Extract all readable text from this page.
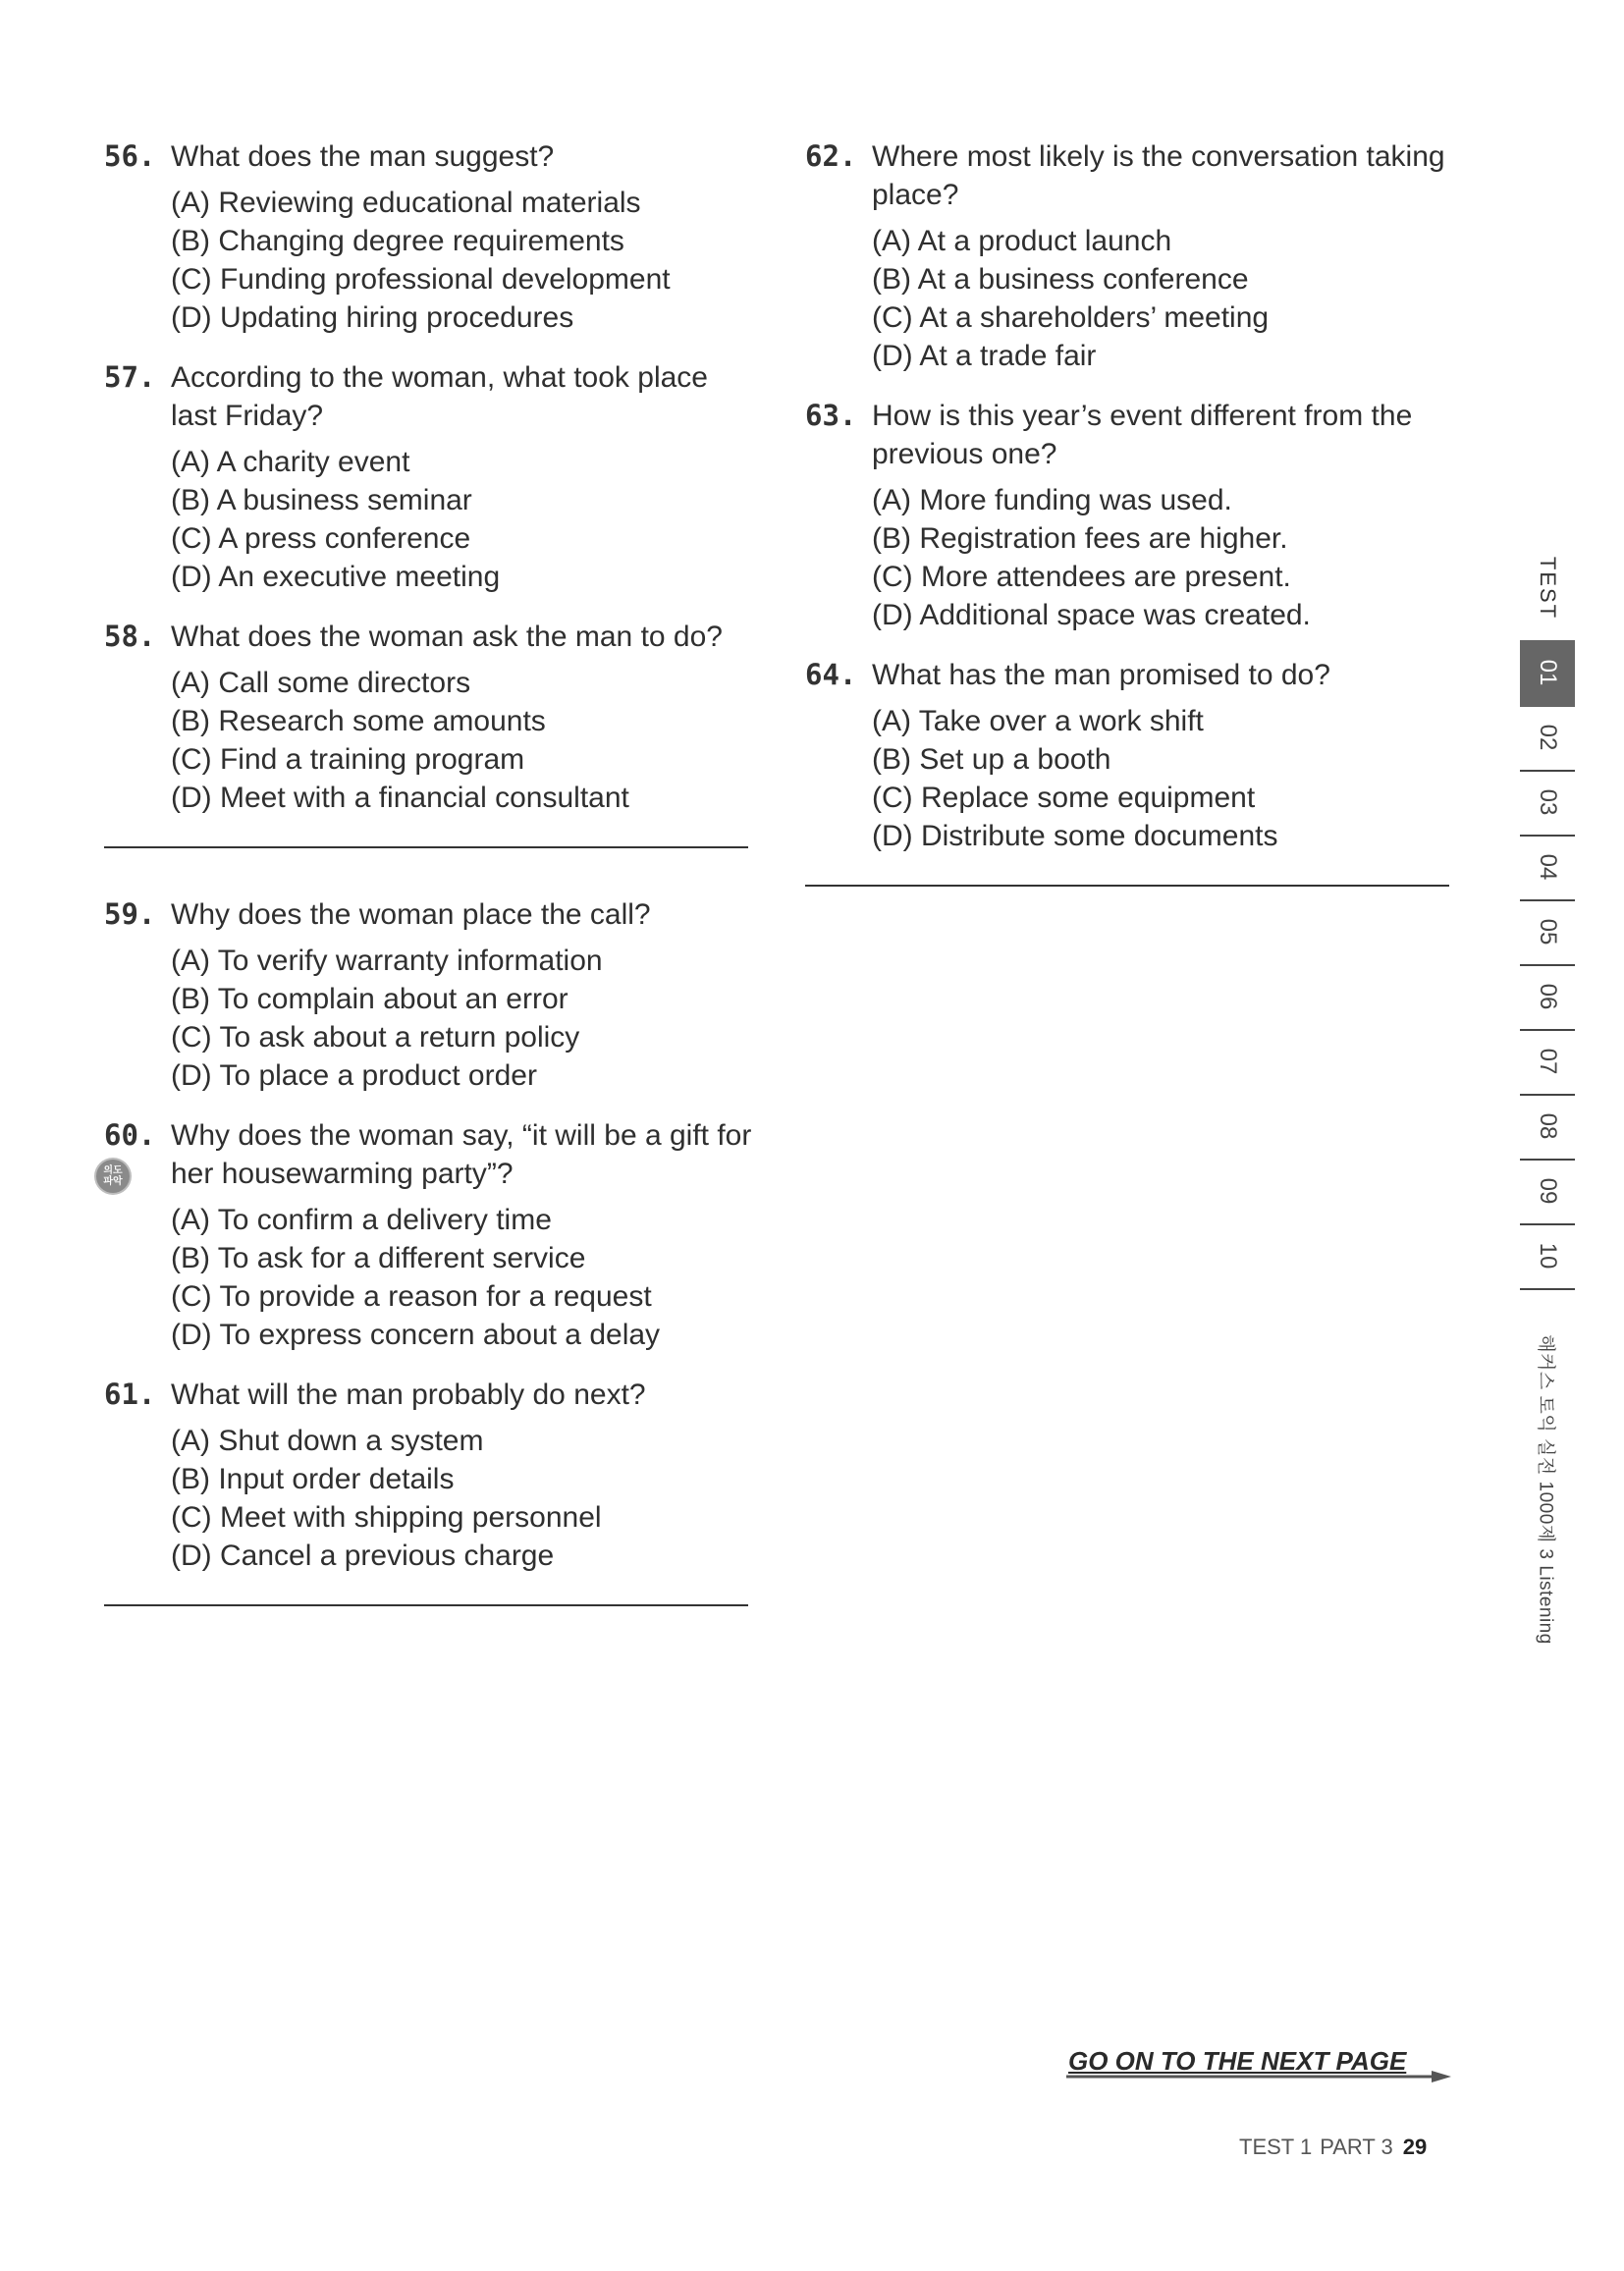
56. What does the man suggest?
(A) Reviewing educational materials
(B) Changing degree requirements
(C) Funding professional development
(D) Updating hiring procedures
57. According to the woman, what took place last Friday?
(A) A charity event
(B) A business seminar
(C) A press conference
(D) An executive meeting
58. What does the woman ask the man to do?
(A) Call some directors
(B) Research some amounts
(C) Find a training program
(D) Meet with a financial consultant
59. Why does the woman place the call?
(A) To verify warranty information
(B) To complain about an error
(C) To ask about a return policy
(D) To place a product order
60.
의도
파악
Why does the woman say, “it will be a gift for her housewarming party”?
(A) To confirm a delivery time
(B) To ask for a different service
(C) To provide a reason for a request
(D) To express concern about a delay
61. What will the man probably do next?
(A) Shut down a system
(B) Input order details
(C) Meet with shipping personnel
(D) Cancel a previous charge
62. Where most likely is the conversation taking place?
(A) At a product launch
(B) At a business conference
(C) At a shareholders’ meeting
(D) At a trade fair
63. How is this year’s event different from the previous one?
(A) More funding was used.
(B) Registration fees are higher.
(C) More attendees are present.
(D) Additional space was created.
64. What has the man promised to do?
(A) Take over a work shift
(B) Set up a booth
(C) Replace some equipment
(D) Distribute some documents
TEST
01
02
03
04
05
06
07
08
09
10
해커스 토익 실전 1000제 3 Listening
GO ON TO THE NEXT PAGE
TEST 1 PART 3 29
